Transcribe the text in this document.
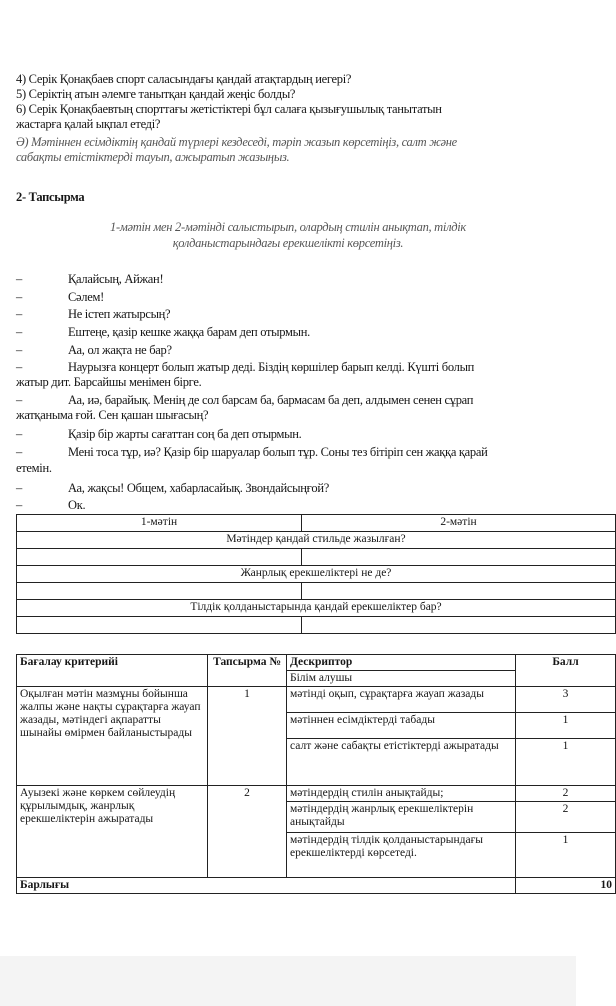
4) Серік Қонақбаев спорт саласындағы қандай атақтардың иегері?
5) Серіктің атын әлемге танытқан қандай жеңіс болды?
6) Серік Қонақбаевтың спорттағы жетістіктері бұл салаға қызығушылық танытатын
жастарға қалай ықпал етеді?
Ә) Мәтіннен есімдіктің қандай түрлері кездеседі, тәріп жазып көрсетіңіз, салт және
сабақты етістіктерді тауып, ажыратып жазыңыз.
2- Тапсырма
1-мәтін мен 2-мәтінді салыстырып, олардың стилін анықтап, тілдік
қолданыстарындағы ерекшелікті көрсетіңіз.
–	Қалайсың, Айжан!
–	Сәлем!
–	Не істеп жатырсың?
–	Ештеңе, қазір кешке жаққа барам деп отырмын.
–	Аа, ол жақта не бар?
–	Наурызға концерт болып жатыр деді. Біздің көршілер барып келді. Күшті болып
жатыр дит. Барсайшы менімен бірге.
–	Аа, иә, барайық. Менің де сол барсам ба, бармасам ба деп, алдымен сенен сұрап
жатқаныма ғой. Сен қашан шығасың?
–	Қазір бір жарты сағаттан соң ба деп отырмын.
–	Мені тоса тұр, иә? Қазір бір шаруалар болып тұр. Соны тез бітіріп сен жаққа қарай
етемін.
–	Аа, жақсы! Общем, хабарласайық. Звондайсыңғой?
–	Ок.
1-мәтін	2-мәтін
Мәтіндер қандай стильде жазылған?	

Жанрлық ерекшеліктері не де?	

Тілдік қолданыстарында қандай ерекшеліктер бар?	

Бағалау критерийі	Тапсырма №	Дескриптор	Балл
		Білім алушы	
Оқылған мәтін мазмұны бойынша жалпы және нақты сұрақтарға жауап жазады, мәтіндегі ақпаратты шынайы өмірмен байланыстырады	1	мәтінді оқып, сұрақтарға жауап жазады	3
		мәтіннен есімдіктерді табады	1
		салт және сабақты етістіктерді ажыратады	1
Ауызекі және көркем сөйлеудің құрылымдық, жанрлық ерекшеліктерін ажыратады	2	мәтіндердің стилін анықтайды;	2
		мәтіндердің жанрлық ерекшеліктерін анықтайды	2
		мәтіндердің тілдік қолданыстарындағы ерекшеліктерді көрсетеді.	1
Барлығы			10
